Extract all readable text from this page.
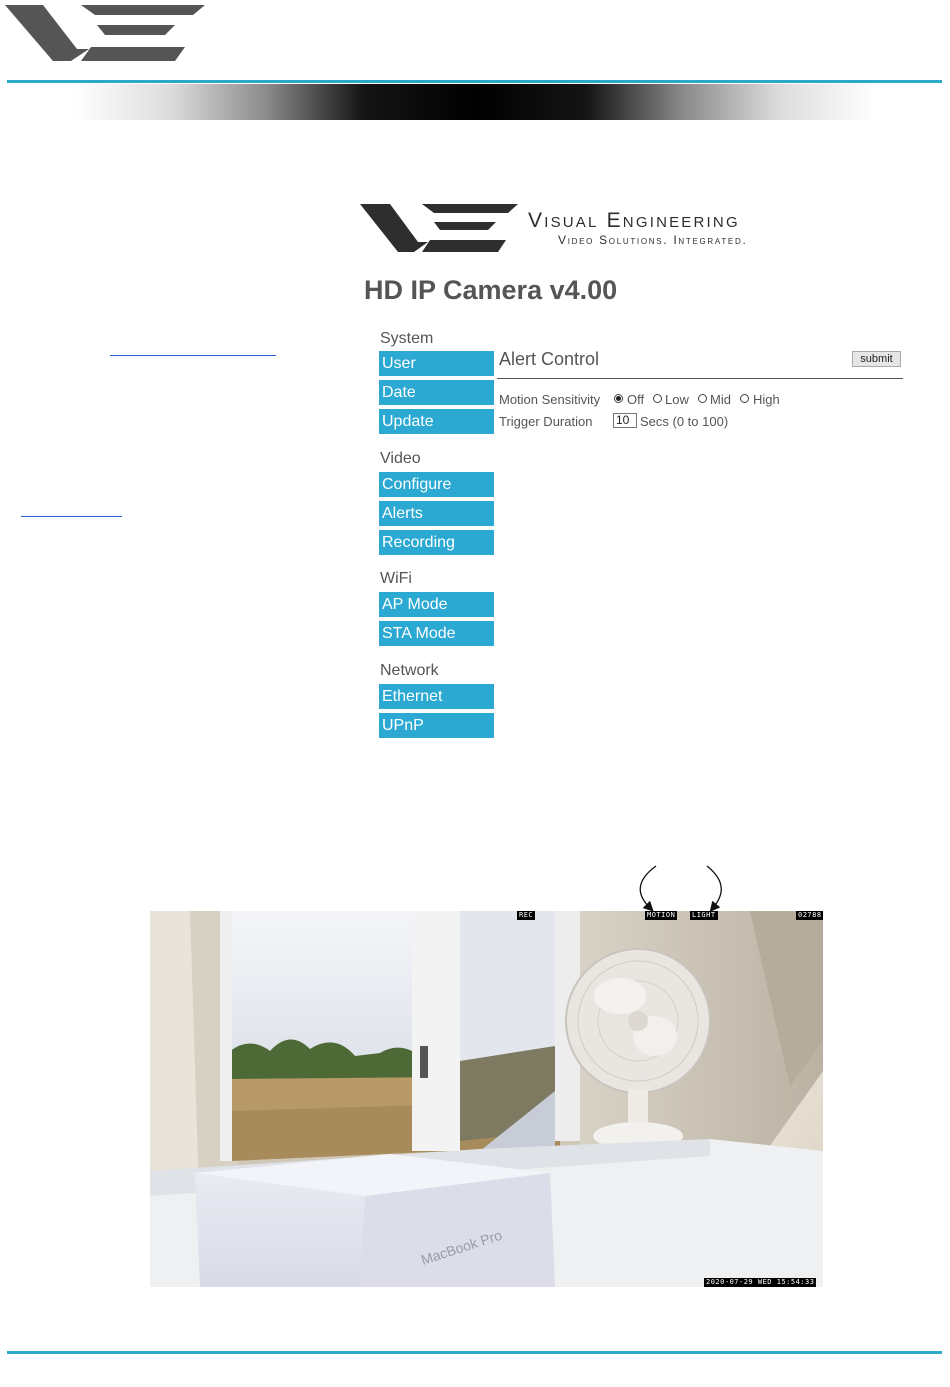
Visual Engineering
Video Solutions. Integrated.
HD IP Camera v4.00
System
User
Date
Update
Video
Configure
Alerts
Recording
WiFi
AP Mode
STA Mode
Network
Ethernet
UPnP
Alert Control	submit
Motion Sensitivity Off Low Mid High
Trigger Duration 10 Secs (0 to 100)
MacBook Pro
REC	MOTION LIGHT	02788
2020-07-29 WED 15:54:33
